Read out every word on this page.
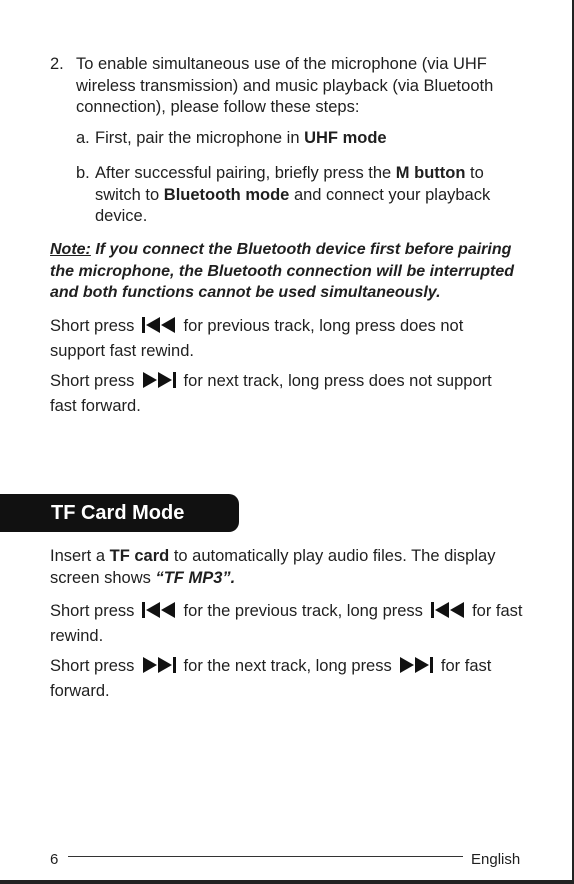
2. To enable simultaneous use of the microphone (via UHF wireless transmission) and music playback (via Bluetooth connection), please follow these steps:
a. First, pair the microphone in UHF mode
b. After successful pairing, briefly press the M button to switch to Bluetooth mode and connect your playback device.
Note: If you connect the Bluetooth device first before pairing the microphone, the Bluetooth connection will be interrupted and both functions cannot be used simultaneously.
Short press  for previous track, long press does not support fast rewind.
Short press  for next track, long press does not support fast forward.
TF Card Mode
Insert a TF card to automatically play audio files. The display screen shows “TF MP3”.
Short press  for the previous track, long press  for fast rewind.
Short press  for the next track, long press  for fast forward.
6	English
